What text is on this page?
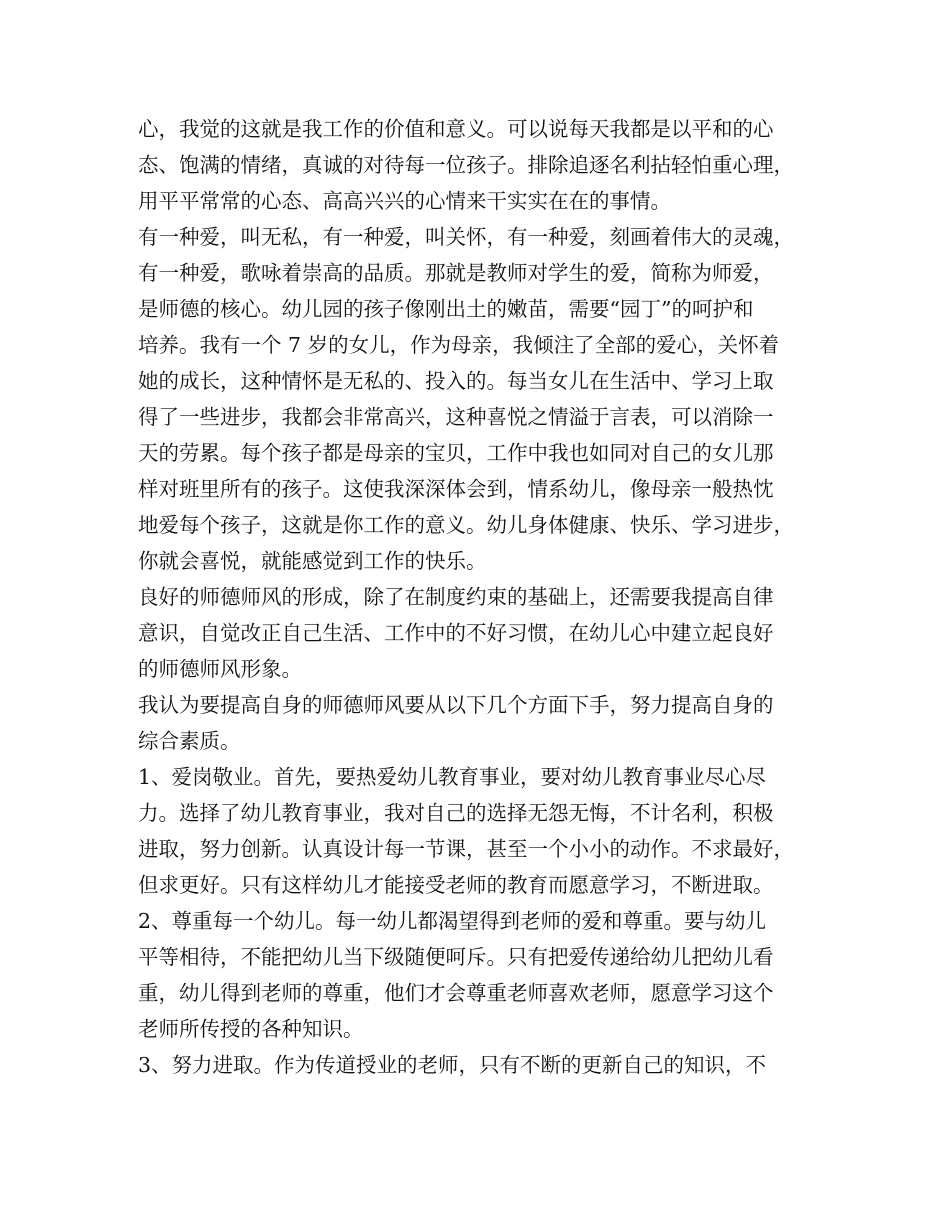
心，我觉的这就是我工作的价值和意义。可以说每天我都是以平和的心
态、饱满的情绪，真诚的对待每一位孩子。排除追逐名利拈轻怕重心理，
用平平常常的心态、高高兴兴的心情来干实实在在的事情。
有一种爱，叫无私，有一种爱，叫关怀，有一种爱，刻画着伟大的灵魂，
有一种爱，歌咏着崇高的品质。那就是教师对学生的爱，简称为师爱，
是师德的核心。幼儿园的孩子像刚出土的嫩苗，需要“园丁”的呵护和
培养。我有一个 7 岁的女儿，作为母亲，我倾注了全部的爱心，关怀着
她的成长，这种情怀是无私的、投入的。每当女儿在生活中、学习上取
得了一些进步，我都会非常高兴，这种喜悦之情溢于言表，可以消除一
天的劳累。每个孩子都是母亲的宝贝，工作中我也如同对自己的女儿那
样对班里所有的孩子。这使我深深体会到，情系幼儿，像母亲一般热忱
地爱每个孩子，这就是你工作的意义。幼儿身体健康、快乐、学习进步，
你就会喜悦，就能感觉到工作的快乐。
良好的师德师风的形成，除了在制度约束的基础上，还需要我提高自律
意识，自觉改正自己生活、工作中的不好习惯，在幼儿心中建立起良好
的师德师风形象。
我认为要提高自身的师德师风要从以下几个方面下手，努力提高自身的
综合素质。
1、爱岗敬业。首先，要热爱幼儿教育事业，要对幼儿教育事业尽心尽
力。选择了幼儿教育事业，我对自己的选择无怨无悔，不计名利，积极
进取，努力创新。认真设计每一节课，甚至一个小小的动作。不求最好，
但求更好。只有这样幼儿才能接受老师的教育而愿意学习，不断进取。
2、尊重每一个幼儿。每一幼儿都渴望得到老师的爱和尊重。要与幼儿
平等相待，不能把幼儿当下级随便呵斥。只有把爱传递给幼儿把幼儿看
重，幼儿得到老师的尊重，他们才会尊重老师喜欢老师，愿意学习这个
老师所传授的各种知识。
3、努力进取。作为传道授业的老师，只有不断的更新自己的知识，不
